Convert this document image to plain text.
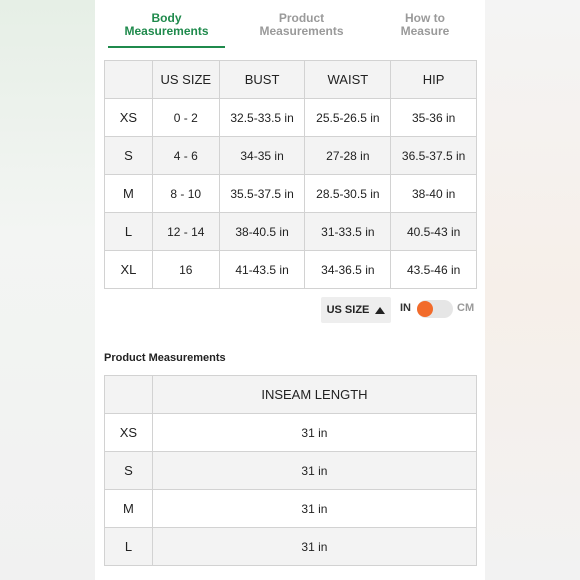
Body
Measurements
Product
Measurements
How to
Measure
	US SIZE	BUST	WAIST	HIP
XS	0 - 2	32.5-33.5 in	25.5-26.5 in	35-36 in
S	4 - 6	34-35 in	27-28 in	36.5-37.5 in
M	8 - 10	35.5-37.5 in	28.5-30.5 in	38-40 in
L	12 - 14	38-40.5 in	31-33.5 in	40.5-43 in
XL	16	41-43.5 in	34-36.5 in	43.5-46 in
US SIZE	IN	CM
Product Measurements
	INSEAM LENGTH
XS	31 in
S	31 in
M	31 in
L	31 in
